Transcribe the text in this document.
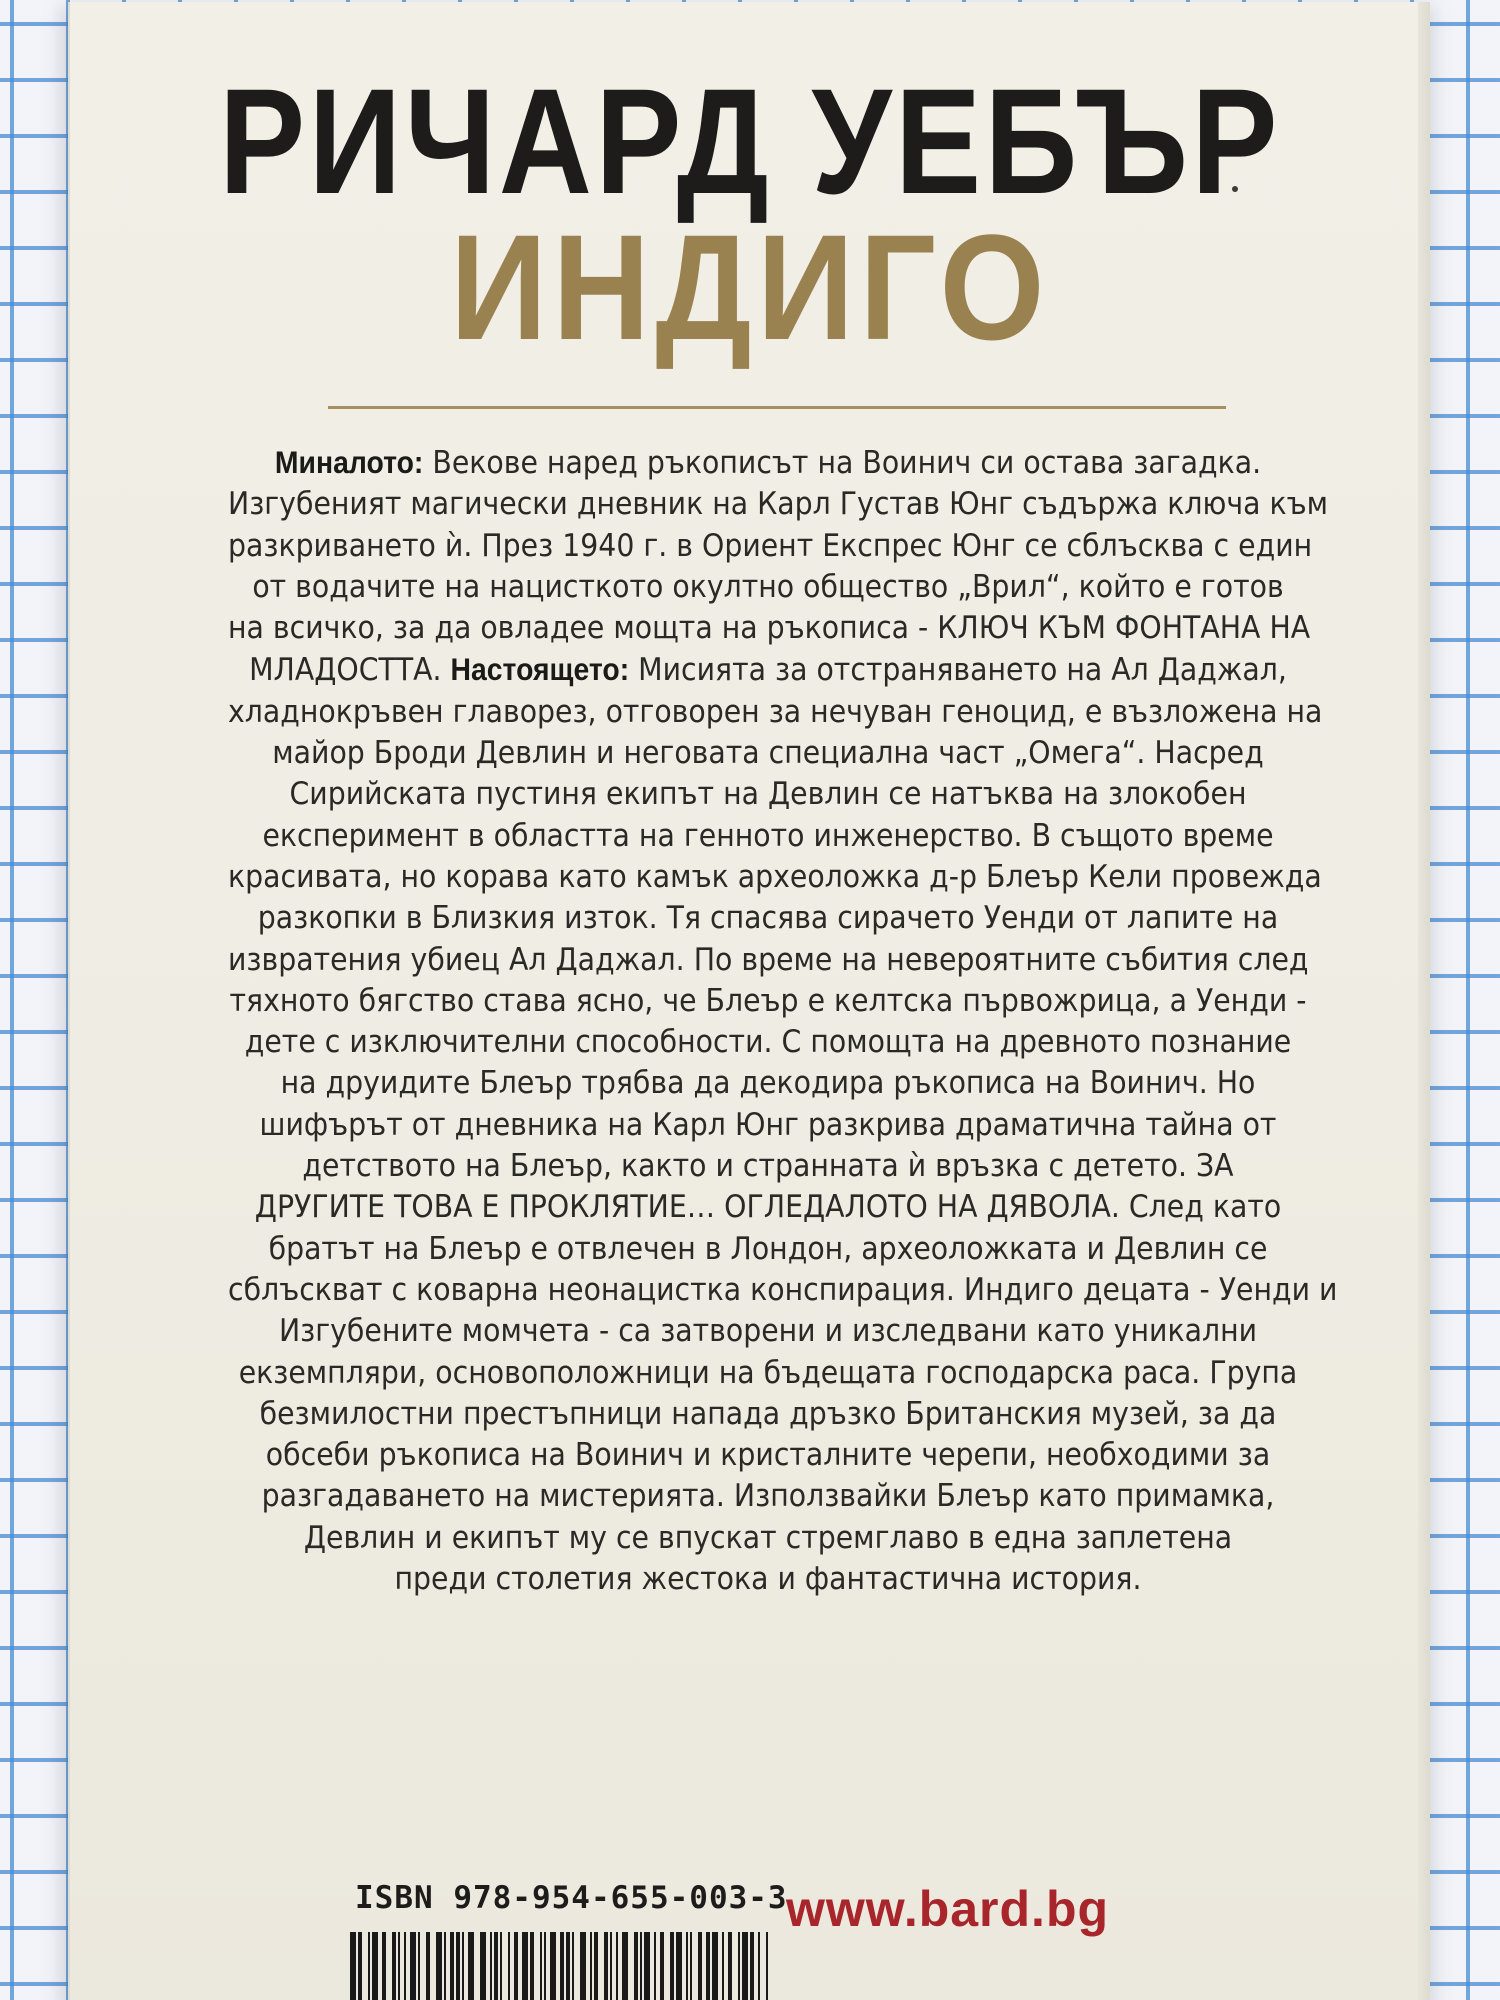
РИЧАРД УЕБЪР
ИНДИГО

Миналото: Векове наред ръкописът на Воинич си остава загадка.
Изгубеният магически дневник на Карл Густав Юнг съдържа ключа към
разкриването ѝ. През 1940 г. в Ориент Експрес Юнг се сблъсква с един
от водачите на нацисткото окултно общество „Врил“, който е готов
на всичко, за да овладее мощта на ръкописа - КЛЮЧ КЪМ ФОНТАНА НА
МЛАДОСТТА. Настоящето: Мисията за отстраняването на Ал Даджал,
хладнокръвен главорез, отговорен за нечуван геноцид, е възложена на
майор Броди Девлин и неговата специална част „Омега“. Насред
Сирийската пустиня екипът на Девлин се натъква на злокобен
експеримент в областта на генното инженерство. В същото време
красивата, но корава като камък археоложка д-р Блеър Кели провежда
разкопки в Близкия изток. Тя спасява сирачето Уенди от лапите на
извратения убиец Ал Даджал. По време на невероятните събития след
тяхното бягство става ясно, че Блеър е келтска първожрица, а Уенди -
дете с изключителни способности. С помощта на древното познание
на друидите Блеър трябва да декодира ръкописа на Воинич. Но
шифърът от дневника на Карл Юнг разкрива драматична тайна от
детството на Блеър, както и странната ѝ връзка с детето. ЗА
ДРУГИТЕ ТОВА Е ПРОКЛЯТИЕ… ОГЛЕДАЛОТО НА ДЯВОЛА. След като
братът на Блеър е отвлечен в Лондон, археоложката и Девлин се
сблъскват с коварна неонацистка конспирация. Индиго децата - Уенди и
Изгубените момчета - са затворени и изследвани като уникални
екземпляри, основоположници на бъдещата господарска раса. Група
безмилостни престъпници напада дръзко Британския музей, за да
обсеби ръкописа на Воинич и кристалните черепи, необходими за
разгадаването на мистерията. Използвайки Блеър като примамка,
Девлин и екипът му се впускат стремглаво в една заплетена
преди столетия жестока и фантастична история.

ISBN 978-954-655-003-3
www.bard.bg
